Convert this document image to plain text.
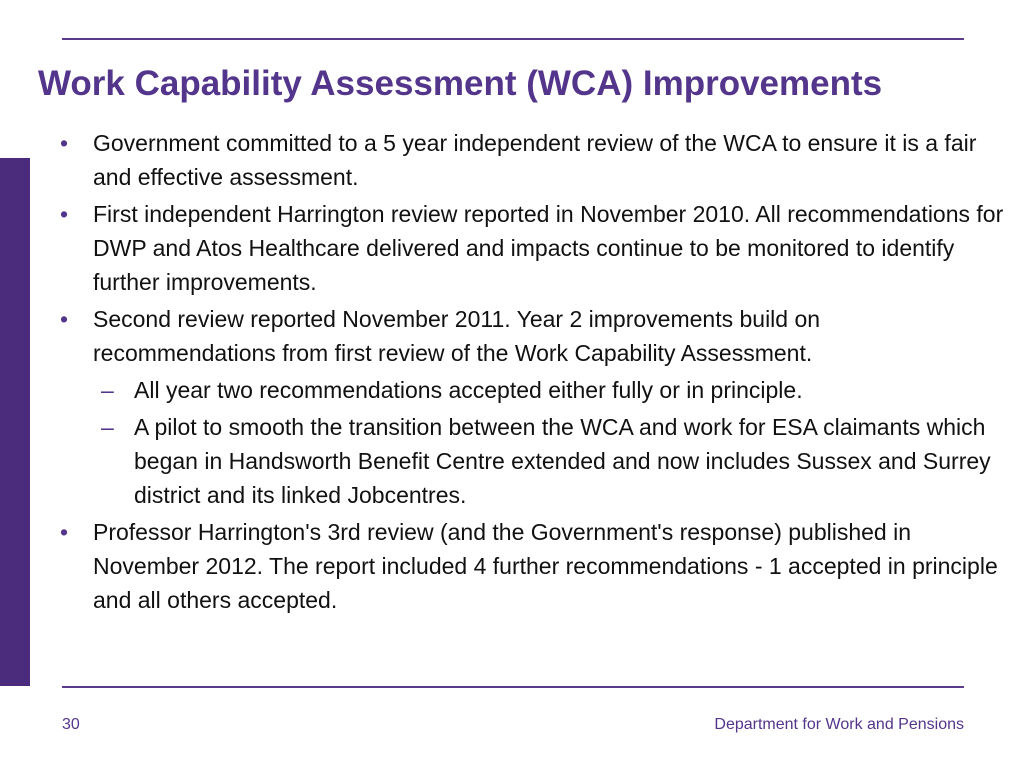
Work Capability Assessment (WCA) Improvements
• Government committed to a 5 year independent review of the WCA to ensure it is a fair and effective assessment.
• First independent Harrington review reported in November 2010. All recommendations for DWP and Atos Healthcare delivered and impacts continue to be monitored to identify further improvements.
• Second review reported November 2011. Year 2 improvements build on recommendations from first review of the Work Capability Assessment.
– All year two recommendations accepted either fully or in principle.
– A pilot to smooth the transition between the WCA and work for ESA claimants which began in Handsworth Benefit Centre extended and now includes Sussex and Surrey district and its linked Jobcentres.
• Professor Harrington's 3rd review (and the Government's response) published in November 2012. The report included 4 further recommendations - 1 accepted in principle and all others accepted.
30	Department for Work and Pensions
